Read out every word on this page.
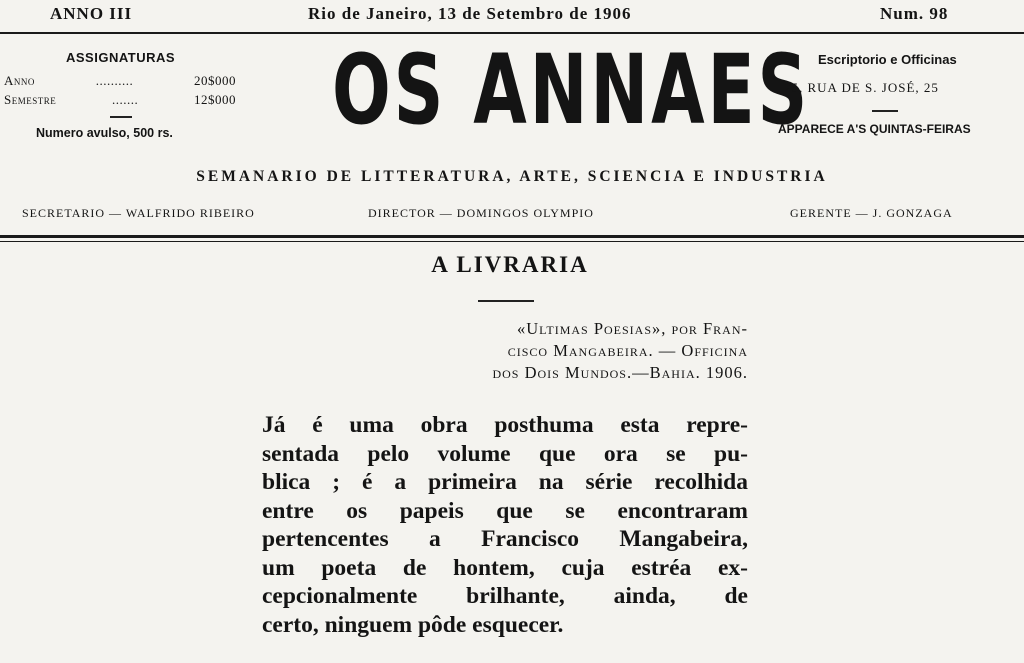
ANNO III	Rio de Janeiro, 13 de Setembro de 1906	Num. 98
ASSIGNATURAS
Anno	..........	20$000
Semestre	.......	12$000
Numero avulso, 500 rs. OS ANNAES Escriptorio e Officinas
25, RUA DE S. JOSÉ, 25
APPARECE A'S QUINTAS-FEIRAS
SEMANARIO DE LITTERATURA, ARTE, SCIENCIA E INDUSTRIA
SECRETARIO — WALFRIDO RIBEIRO	DIRECTOR — DOMINGOS OLYMPIO	GERENTE — J. GONZAGA
A LIVRARIA
«Ultimas Poesias», por Fran-
cisco Mangabeira. — Officina
dos Dois Mundos.—Bahia. 1906.
Já é uma obra posthuma esta repre-
sentada pelo volume que ora se pu-
blica ; é a primeira na série recolhida
entre os papeis que se encontraram
pertencentes a Francisco Mangabeira,
um poeta de hontem, cuja estréa ex-
cepcionalmente brilhante, ainda, de
certo, ninguem pôde esquecer.
